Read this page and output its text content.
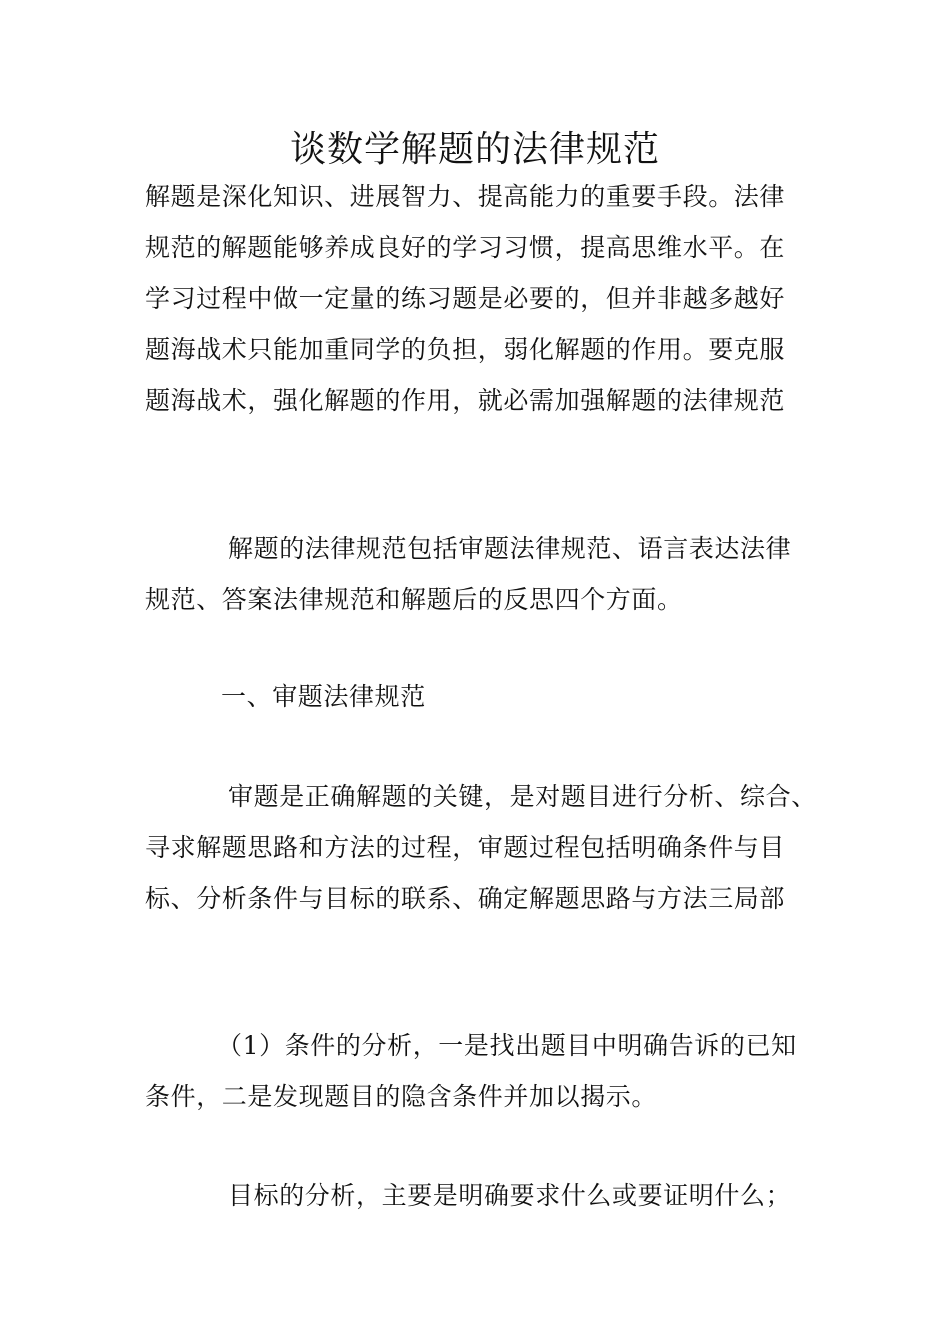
谈数学解题的法律规范

解题是深化知识、进展智力、提高能力的重要手段。法律
规范的解题能够养成良好的学习习惯，提高思维水平。在
学习过程中做一定量的练习题是必要的，但并非越多越好
题海战术只能加重同学的负担，弱化解题的作用。要克服
题海战术，强化解题的作用，就必需加强解题的法律规范

解题的法律规范包括审题法律规范、语言表达法律
规范、答案法律规范和解题后的反思四个方面。

一、审题法律规范

审题是正确解题的关键，是对题目进行分析、综合、
寻求解题思路和方法的过程，审题过程包括明确条件与目
标、分析条件与目标的联系、确定解题思路与方法三局部

（1）条件的分析，一是找出题目中明确告诉的已知
条件，二是发现题目的隐含条件并加以揭示。

目标的分析，主要是明确要求什么或要证明什么；
